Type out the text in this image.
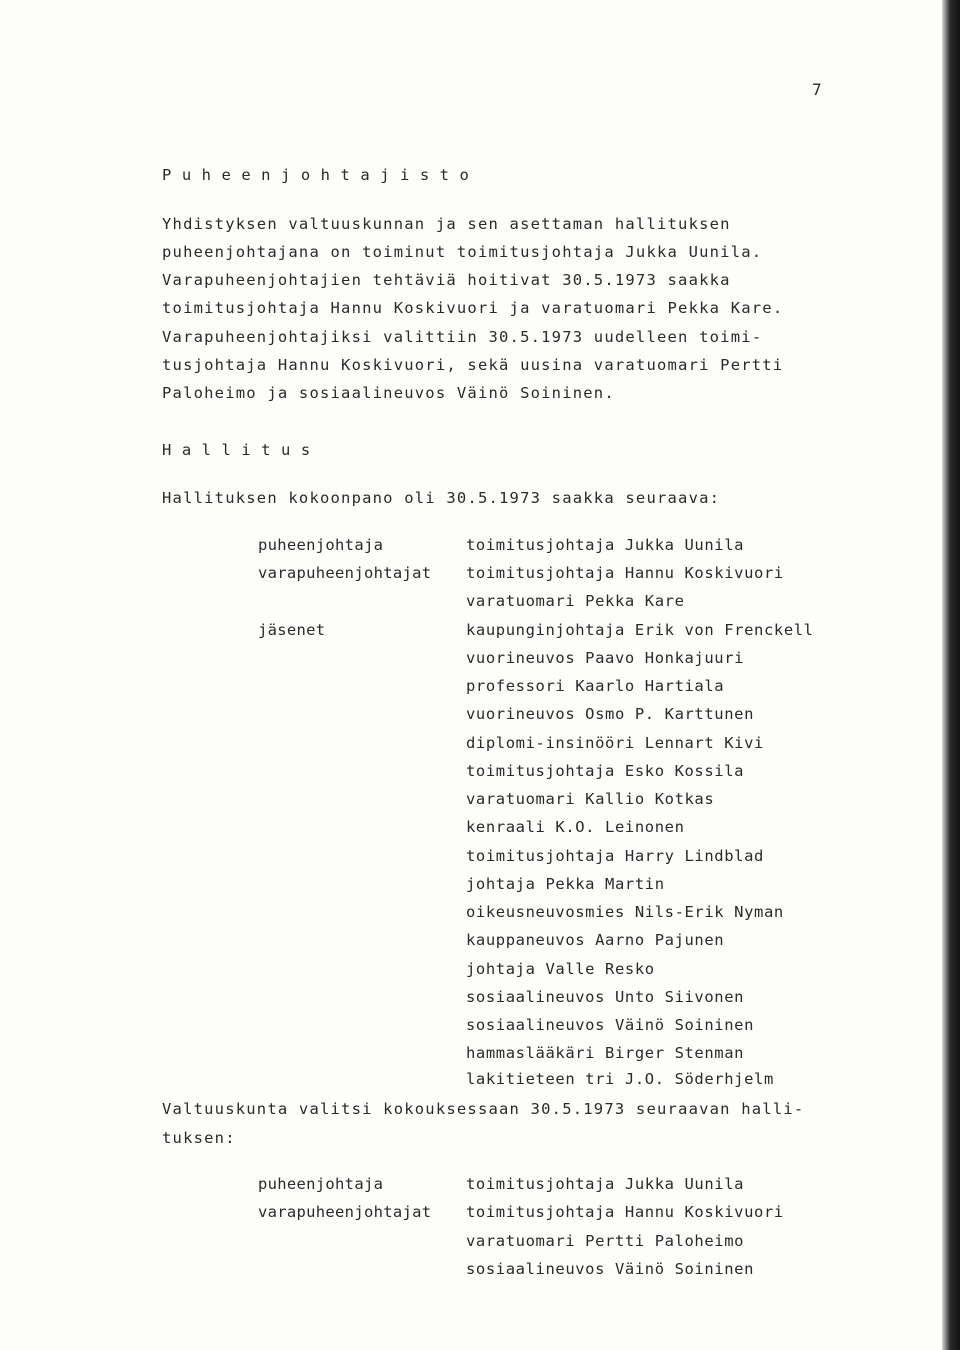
7
Puheenjohtajisto
Yhdistyksen valtuuskunnan ja sen asettaman hallituksen
puheenjohtajana on toiminut toimitusjohtaja Jukka Uunila.
Varapuheenjohtajien tehtäviä hoitivat 30.5.1973 saakka
toimitusjohtaja Hannu Koskivuori ja varatuomari Pekka Kare.
Varapuheenjohtajiksi valittiin 30.5.1973 uudelleen toimi-
tusjohtaja Hannu Koskivuori, sekä uusina varatuomari Pertti
Paloheimo ja sosiaalineuvos Väinö Soininen.
Hallitus
Hallituksen kokoonpano oli 30.5.1973 saakka seuraava:
puheenjohtaja	toimitusjohtaja Jukka Uunila
varapuheenjohtajat toimitusjohtaja Hannu Koskivuori
varatuomari Pekka Kare
jäsenet	kaupunginjohtaja Erik von Frenckell
vuorineuvos Paavo Honkajuuri
professori Kaarlo Hartiala
vuorineuvos Osmo P. Karttunen
diplomi-insinööri Lennart Kivi
toimitusjohtaja Esko Kossila
varatuomari Kallio Kotkas
kenraali K.O. Leinonen
toimitusjohtaja Harry Lindblad
johtaja Pekka Martin
oikeusneuvosmies Nils-Erik Nyman
kauppaneuvos Aarno Pajunen
johtaja Valle Resko
sosiaalineuvos Unto Siivonen
sosiaalineuvos Väinö Soininen
hammaslääkäri Birger Stenman
lakitieteen tri J.O. Söderhjelm
Valtuuskunta valitsi kokouksessaan 30.5.1973 seuraavan halli-
tuksen:
puheenjohtaja	toimitusjohtaja Jukka Uunila
varapuheenjohtajat toimitusjohtaja Hannu Koskivuori
varatuomari Pertti Paloheimo
sosiaalineuvos Väinö Soininen
